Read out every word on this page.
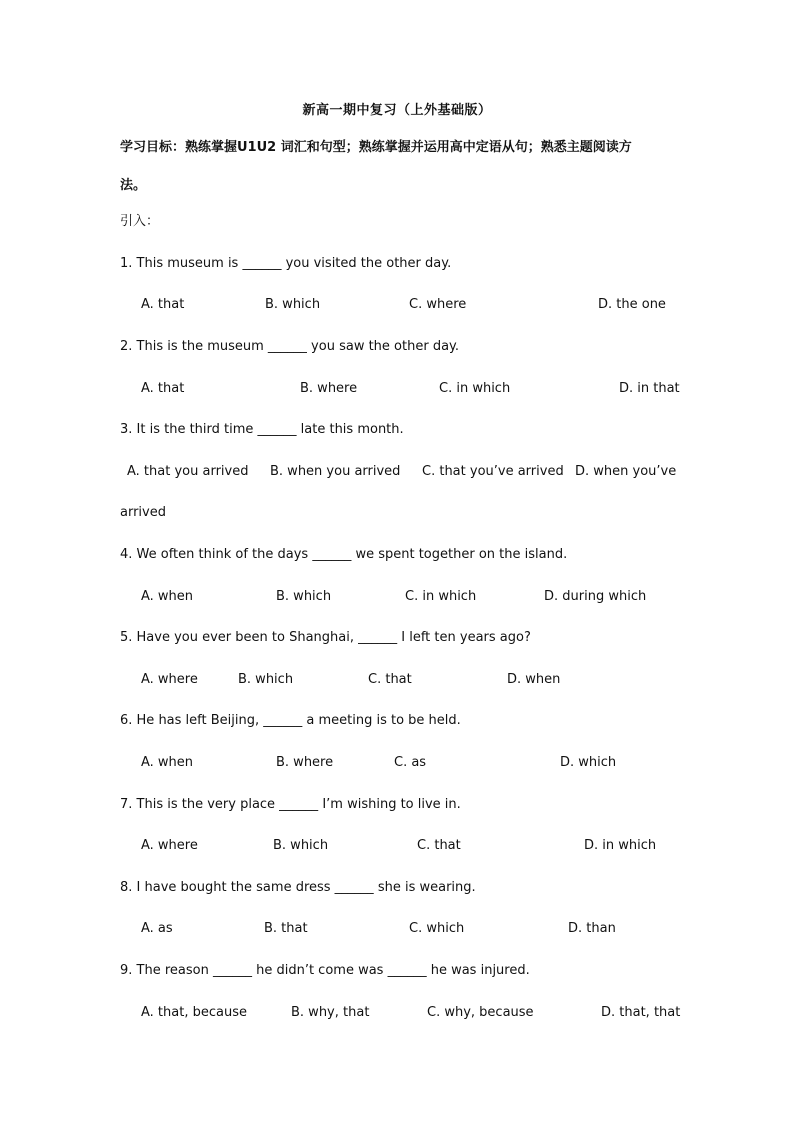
新高一期中复习（上外基础版）
学习目标：熟练掌握U1U2 词汇和句型；熟练掌握并运用高中定语从句；熟悉主题阅读方
法。
引入：
1. This museum is ______ you visited the other day.
A. that	B. which	C. where	D. the one
2. This is the museum ______ you saw the other day.
A. that	B. where	C. in which	D. in that
3. It is the third time ______ late this month.
A. that you arrived B. when you arrived C. that you’ve arrived D. when you’ve
arrived
4. We often think of the days ______ we spent together on the island.
A. when	B. which	C. in which	D. during which
5. Have you ever been to Shanghai, ______ I left ten years ago?
A. where	B. which	C. that	D. when
6. He has left Beijing, ______ a meeting is to be held.
A. when	B. where	C. as	D. which
7. This is the very place ______ I’m wishing to live in.
A. where	B. which	C. that	D. in which
8. I have bought the same dress ______ she is wearing.
A. as	B. that	C. which	D. than
9. The reason ______ he didn’t come was ______ he was injured.
A. that, because	B. why, that	C. why, because	D. that, that
